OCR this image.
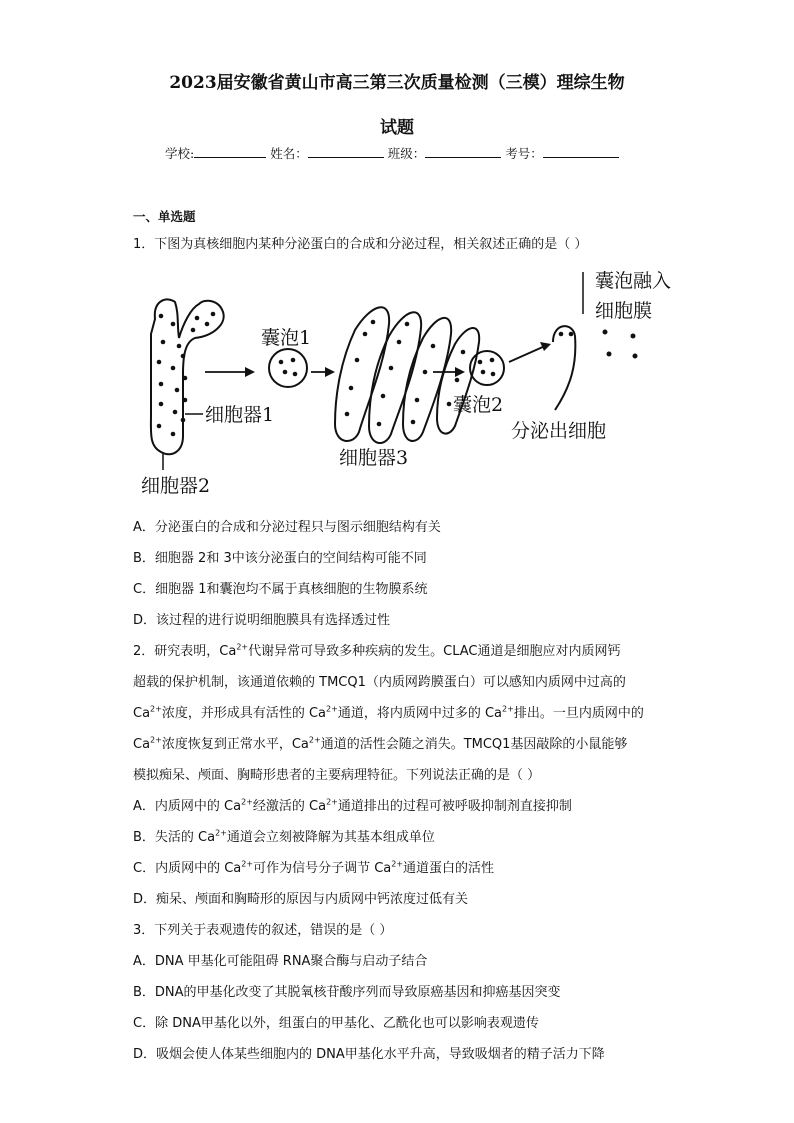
2023届安徽省黄山市高三第三次质量检测（三模）理综生物
试题
学校:	姓名：	班级：	考号：
一、单选题
1．下图为真核细胞内某种分泌蛋白的合成和分泌过程，相关叙述正确的是（ ）
细胞器1
细胞器2
囊泡1
细胞器3
囊泡2
囊泡融入
细胞膜
分泌出细胞
A．分泌蛋白的合成和分泌过程只与图示细胞结构有关
B．细胞器 2和 3中该分泌蛋白的空间结构可能不同
C．细胞器 1和囊泡均不属于真核细胞的生物膜系统
D．该过程的进行说明细胞膜具有选择透过性
2．研究表明，$Ca^{2+}$代谢异常可导致多种疾病的发生。CLAC通道是细胞应对内质网钙
超载的保护机制，该通道依赖的 TMCQ1（内质网跨膜蛋白）可以感知内质网中过高的
$Ca^{2+}$浓度，并形成具有活性的 $Ca^{2+}$通道，将内质网中过多的 $Ca^{2+}$排出。一旦内质网中的
$Ca^{2+}$浓度恢复到正常水平，$Ca^{2+}$通道的活性会随之消失。TMCQ1基因敲除的小鼠能够
模拟痴呆、颅面、胸畸形患者的主要病理特征。下列说法正确的是（ ）
A．内质网中的 $Ca^{2+}$经激活的 $Ca^{2+}$通道排出的过程可被呼吸抑制剂直接抑制
B．失活的 $Ca^{2+}$通道会立刻被降解为其基本组成单位
C．内质网中的 $Ca^{2+}$可作为信号分子调节 $Ca^{2+}$通道蛋白的活性
D．痴呆、颅面和胸畸形的原因与内质网中钙浓度过低有关
3．下列关于表观遗传的叙述，错误的是（ ）
A．DNA 甲基化可能阻碍 RNA聚合酶与启动子结合
B．DNA的甲基化改变了其脱氧核苷酸序列而导致原癌基因和抑癌基因突变
C．除 DNA甲基化以外，组蛋白的甲基化、乙酰化也可以影响表观遗传
D．吸烟会使人体某些细胞内的 DNA甲基化水平升高，导致吸烟者的精子活力下降
